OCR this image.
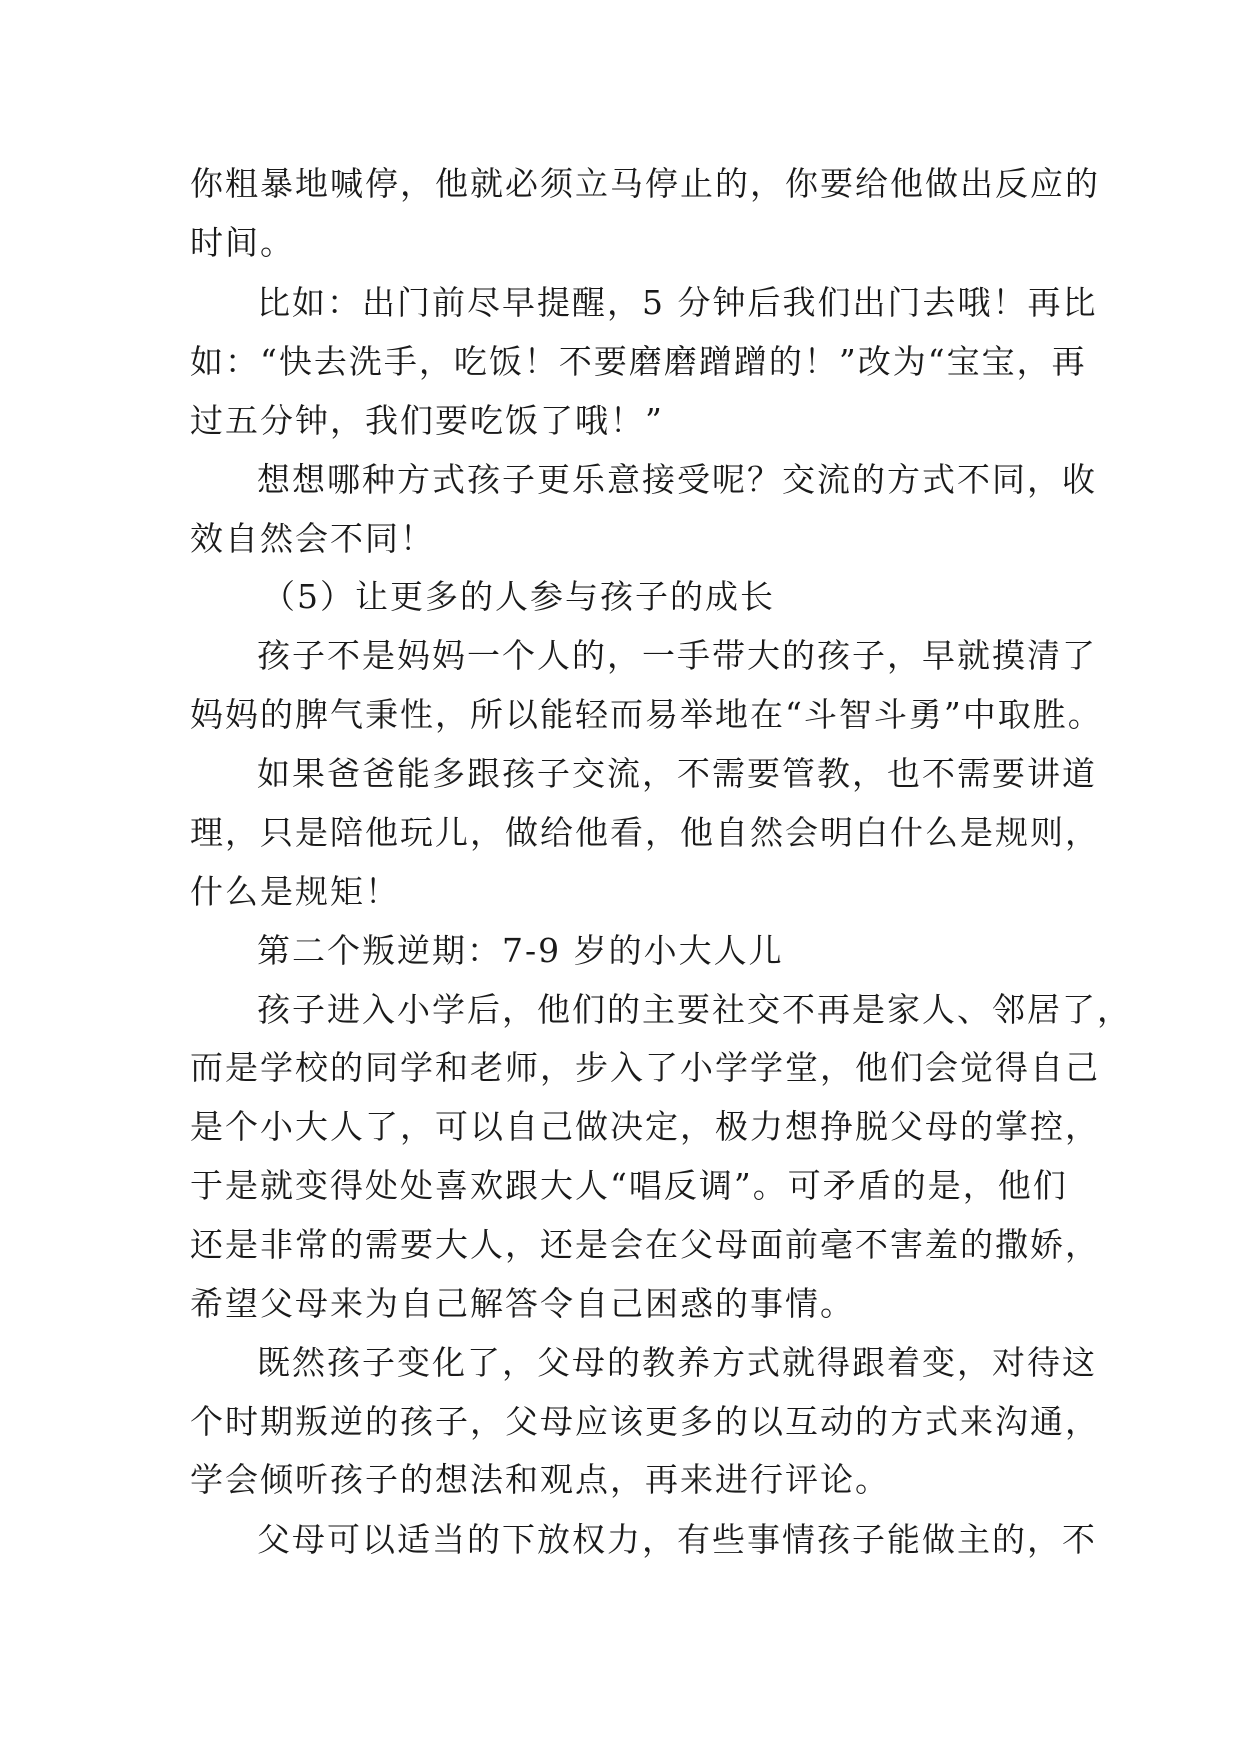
你粗暴地喊停，他就必须立马停止的，你要给他做出反应的
时间。
比如：出门前尽早提醒，5 分钟后我们出门去哦！再比
如：“快去洗手，吃饭！不要磨磨蹭蹭的！”改为“宝宝，再
过五分钟，我们要吃饭了哦！”
想想哪种方式孩子更乐意接受呢？交流的方式不同，收
效自然会不同！
（5）让更多的人参与孩子的成长
孩子不是妈妈一个人的，一手带大的孩子，早就摸清了
妈妈的脾气秉性，所以能轻而易举地在“斗智斗勇”中取胜。
如果爸爸能多跟孩子交流，不需要管教，也不需要讲道
理，只是陪他玩儿，做给他看，他自然会明白什么是规则，
什么是规矩！
第二个叛逆期：7-9 岁的小大人儿
孩子进入小学后，他们的主要社交不再是家人、邻居了，
而是学校的同学和老师，步入了小学学堂，他们会觉得自己
是个小大人了，可以自己做决定，极力想挣脱父母的掌控，
于是就变得处处喜欢跟大人“唱反调”。可矛盾的是，他们
还是非常的需要大人，还是会在父母面前毫不害羞的撒娇，
希望父母来为自己解答令自己困惑的事情。
既然孩子变化了，父母的教养方式就得跟着变，对待这
个时期叛逆的孩子，父母应该更多的以互动的方式来沟通，
学会倾听孩子的想法和观点，再来进行评论。
父母可以适当的下放权力，有些事情孩子能做主的，不
